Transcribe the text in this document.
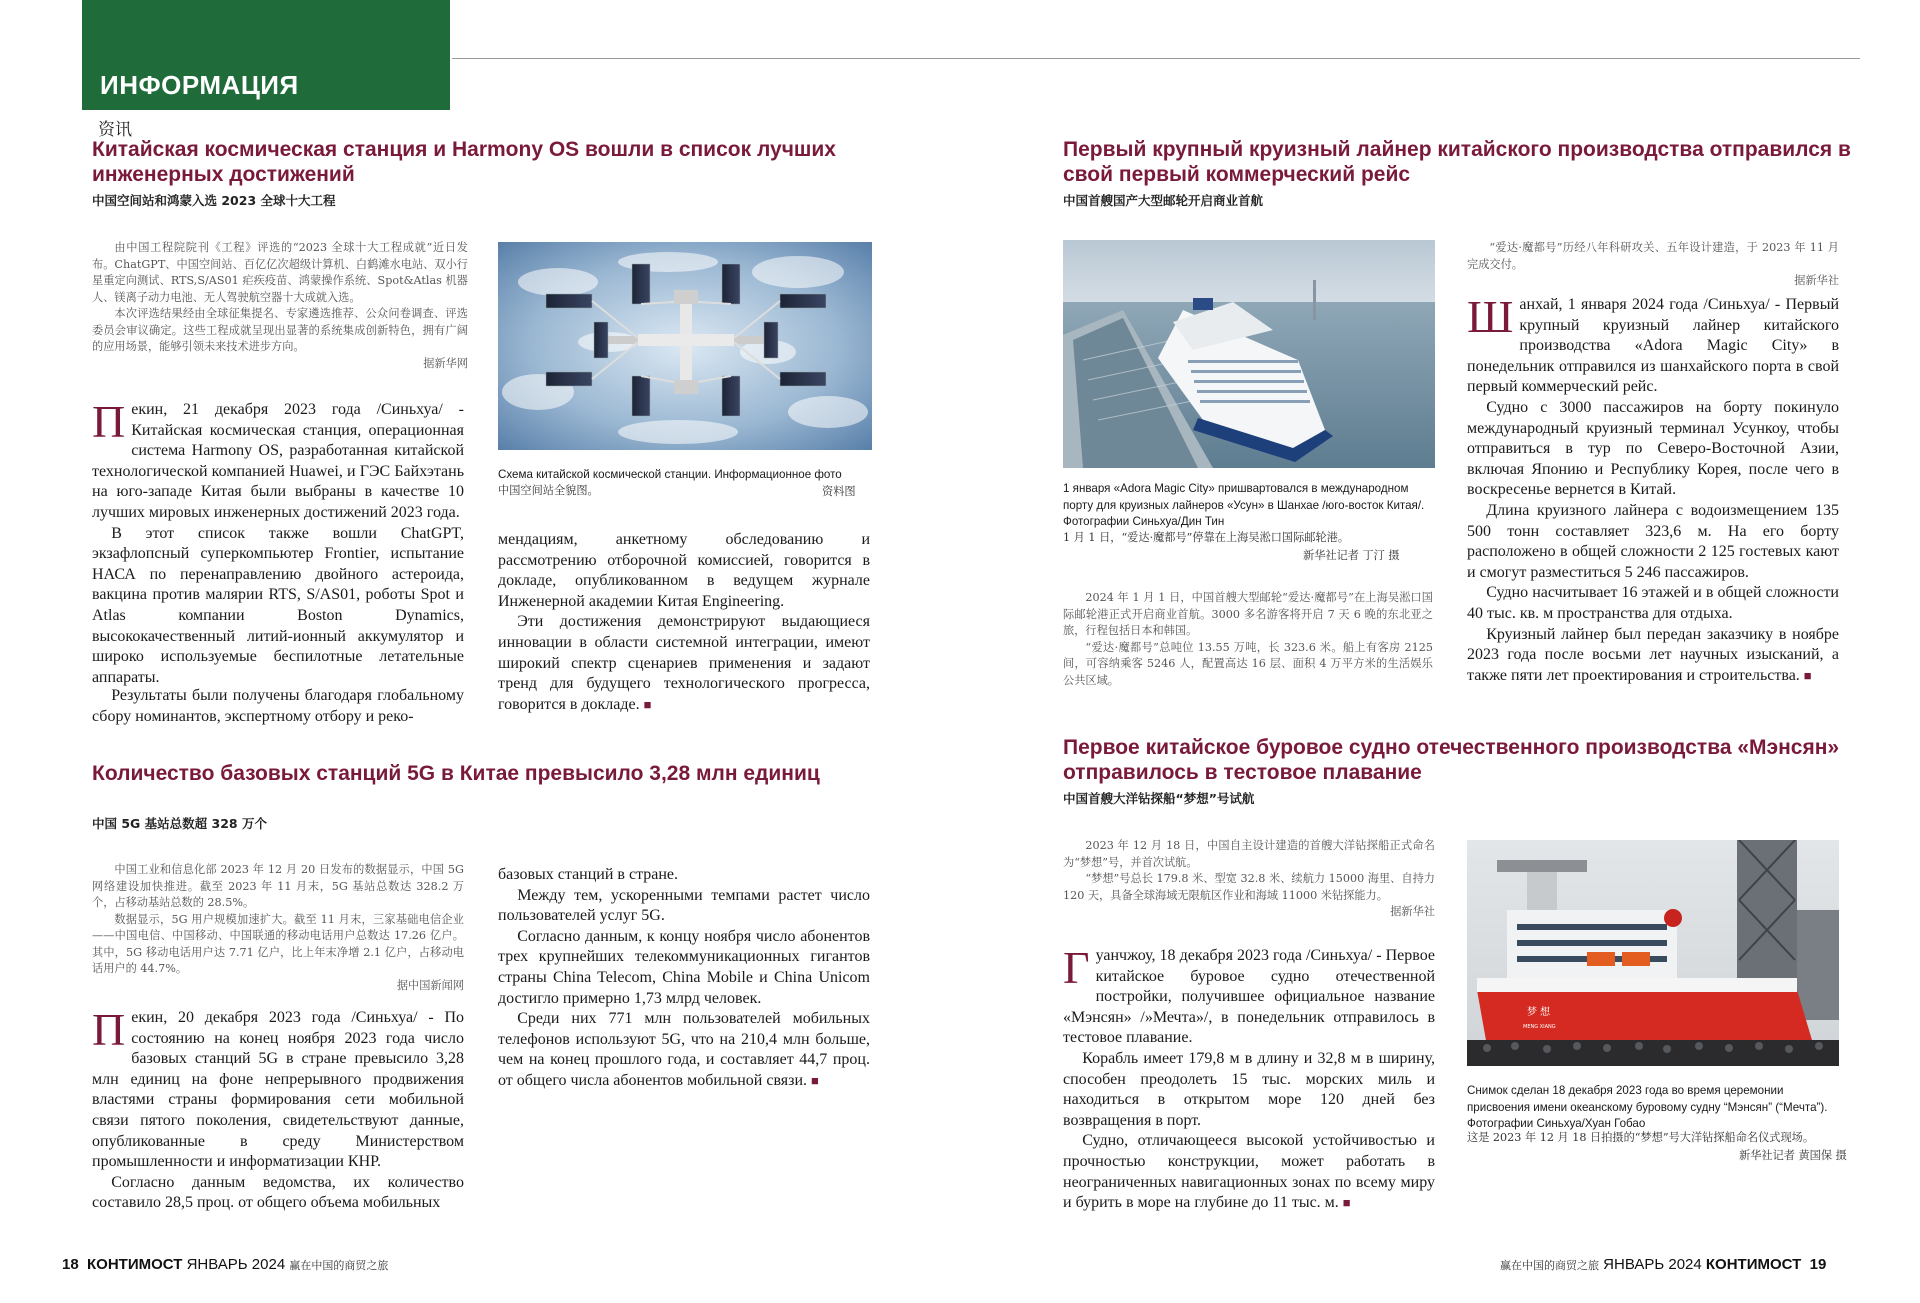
ИНФОРМАЦИЯ
资讯
Китайская космическая станция и Harmony OS вошли в список лучших инженерных достижений
中国空间站和鸿蒙入选 2023 全球十大工程

由中国工程院院刊《工程》评选的“2023 全球十大工程成就”近日发布。ChatGPT、中国空间站、百亿亿次超级计算机、白鹤滩水电站、双小行星重定向测试、RTS,S/AS01 疟疾疫苗、鸿蒙操作系统、Spot&Atlas 机器人、镁离子动力电池、无人驾驶航空器十大成就入选。

本次评选结果经由全球征集提名、专家遴选推荐、公众问卷调查、评选委员会审议确定。这些工程成就呈现出显著的系统集成创新特色，拥有广阔的应用场景，能够引领未来技术进步方向。

据新华网

Схема китайской космической станции. Информационное фото
中国空间站全貌图。	资料图

Пекин, 21 декабря 2023 года /Синьхуа/ - Китайская космическая станция, операционная система Harmony OS, разработанная китайской технологической компанией Huawei, и ГЭС Байхэтань на юго-западе Китая были выбраны в качестве 10 лучших мировых инженерных достижений 2023 года.

В этот список также вошли ChatGPT, экзафлопсный суперкомпьютер Frontier, испытание НАСА по перенаправлению двойного астероида, вакцина против малярии RTS, S/AS01, роботы Spot и Atlas компании Boston Dynamics, высококачественный литий-ионный аккумулятор и широко используемые беспилотные летательные аппараты.

Результаты были получены благодаря глобальному сбору номинантов, экспертному отбору и реко-

мендациям, анкетному обследованию и рассмотрению отборочной комиссией, говорится в докладе, опубликованном в ведущем журнале Инженерной академии Китая Engineering.

Эти достижения демонстрируют выдающиеся инновации в области системной интеграции, имеют широкий спектр сценариев применения и задают тренд для будущего технологического прогресса, говорится в докладе. ■

Количество базовых станций 5G в Китае превысило 3,28 млн единиц
中国 5G 基站总数超 328 万个

中国工业和信息化部 2023 年 12 月 20 日发布的数据显示，中国 5G 网络建设加快推进。截至 2023 年 11 月末，5G 基站总数达 328.2 万个，占移动基站总数的 28.5%。

数据显示，5G 用户规模加速扩大。截至 11 月末，三家基础电信企业——中国电信、中国移动、中国联通的移动电话用户总数达 17.26 亿户。其中，5G 移动电话用户达 7.71 亿户，比上年末净增 2.1 亿户，占移动电话用户的 44.7%。

据中国新闻网

Пекин, 20 декабря 2023 года /Синьхуа/ - По состоянию на конец ноября 2023 года число базовых станций 5G в стране превысило 3,28 млн единиц на фоне непрерывного продвижения властями страны формирования сети мобильной связи пятого поколения, свидетельствуют данные, опубликованные в среду Министерством промышленности и информатизации КНР.

Согласно данным ведомства, их количество составило 28,5 проц. от общего объема мобильных

базовых станций в стране.

Между тем, ускоренными темпами растет число пользователей услуг 5G.

Согласно данным, к концу ноября число абонентов трех крупнейших телекоммуникационных гигантов страны China Telecom, China Mobile и China Unicom достигло примерно 1,73 млрд человек.

Среди них 771 млн пользователей мобильных телефонов используют 5G, что на 210,4 млн больше, чем на конец прошлого года, и составляет 44,7 проц. от общего числа абонентов мобильной связи. ■

Первый крупный круизный лайнер китайского производства отправился в свой первый коммерческий рейс
中国首艘国产大型邮轮开启商业首航
1 января «Adora Magic City» пришвартовался в международном порту для круизных лайнеров «Усун» в Шанхае /юго-восток Китая/. Фотографии Синьхуа/Дин Тин
1 月 1 日，“爱达·魔都号”停靠在上海吴淞口国际邮轮港。
新华社记者 丁汀 摄

2024 年 1 月 1 日，中国首艘大型邮轮“爱达·魔都号”在上海吴淞口国际邮轮港正式开启商业首航。3000 多名游客将开启 7 天 6 晚的东北亚之旅，行程包括日本和韩国。

“爱达·魔都号”总吨位 13.55 万吨，长 323.6 米。船上有客房 2125 间，可容纳乘客 5246 人，配置高达 16 层、面积 4 万平方米的生活娱乐公共区域。

“爱达·魔都号”历经八年科研攻关、五年设计建造，于 2023 年 11 月完成交付。

据新华社

Шанхай, 1 января 2024 года /Синьхуа/ - Первый крупный круизный лайнер китайского производства «Adora Magic City» в понедельник отправился из шанхайского порта в свой первый коммерческий рейс.

Судно с 3000 пассажиров на борту покинуло международный круизный терминал Усункоу, чтобы отправиться в тур по Северо-Восточной Азии, включая Японию и Республику Корея, после чего в воскресенье вернется в Китай.

Длина круизного лайнера с водоизмещением 135 500 тонн составляет 323,6 м. На его борту расположено в общей сложности 2 125 гостевых кают и смогут разместиться 5 246 пассажиров.

Судно насчитывает 16 этажей и в общей сложности 40 тыс. кв. м пространства для отдыха.

Круизный лайнер был передан заказчику в ноябре 2023 года после восьми лет научных изысканий, а также пяти лет проектирования и строительства. ■

Первое китайское буровое судно отечественного производства «Мэнсян» отправилось в тестовое плавание
中国首艘大洋钻探船“梦想”号试航

2023 年 12 月 18 日，中国自主设计建造的首艘大洋钻探船正式命名为“梦想”号，并首次试航。

“梦想”号总长 179.8 米、型宽 32.8 米、续航力 15000 海里、自持力 120 天，具备全球海域无限航区作业和海域 11000 米钻探能力。

据新华社

Гуанчжоу, 18 декабря 2023 года /Синьхуа/ - Первое китайское буровое судно отечественной постройки, получившее официальное название «Мэнсян» /»Мечта»/, в понедельник отправилось в тестовое плавание.

Корабль имеет 179,8 м в длину и 32,8 м в ширину, способен преодолеть 15 тыс. морских миль и находиться в открытом море 120 дней без возвращения в порт.

Судно, отличающееся высокой устойчивостью и прочностью конструкции, может работать в неограниченных навигационных зонах по всему миру и бурить в море на глубине до 11 тыс. м. ■

梦 想
MENG XIANG
Снимок сделан 18 декабря 2023 года во время церемонии присвоения имени океанскому буровому судну “Мэнсян” (“Мечта”). Фотографии Синьхуа/Хуан Гобао
这是 2023 年 12 月 18 日拍摄的“梦想”号大洋钻探船命名仪式现场。
新华社记者 黄国保 摄
18 КОНТИМОСТ ЯНВАРЬ 2024 赢在中国的商贸之旅	赢在中国的商贸之旅 ЯНВАРЬ 2024 КОНТИМОСТ 19
